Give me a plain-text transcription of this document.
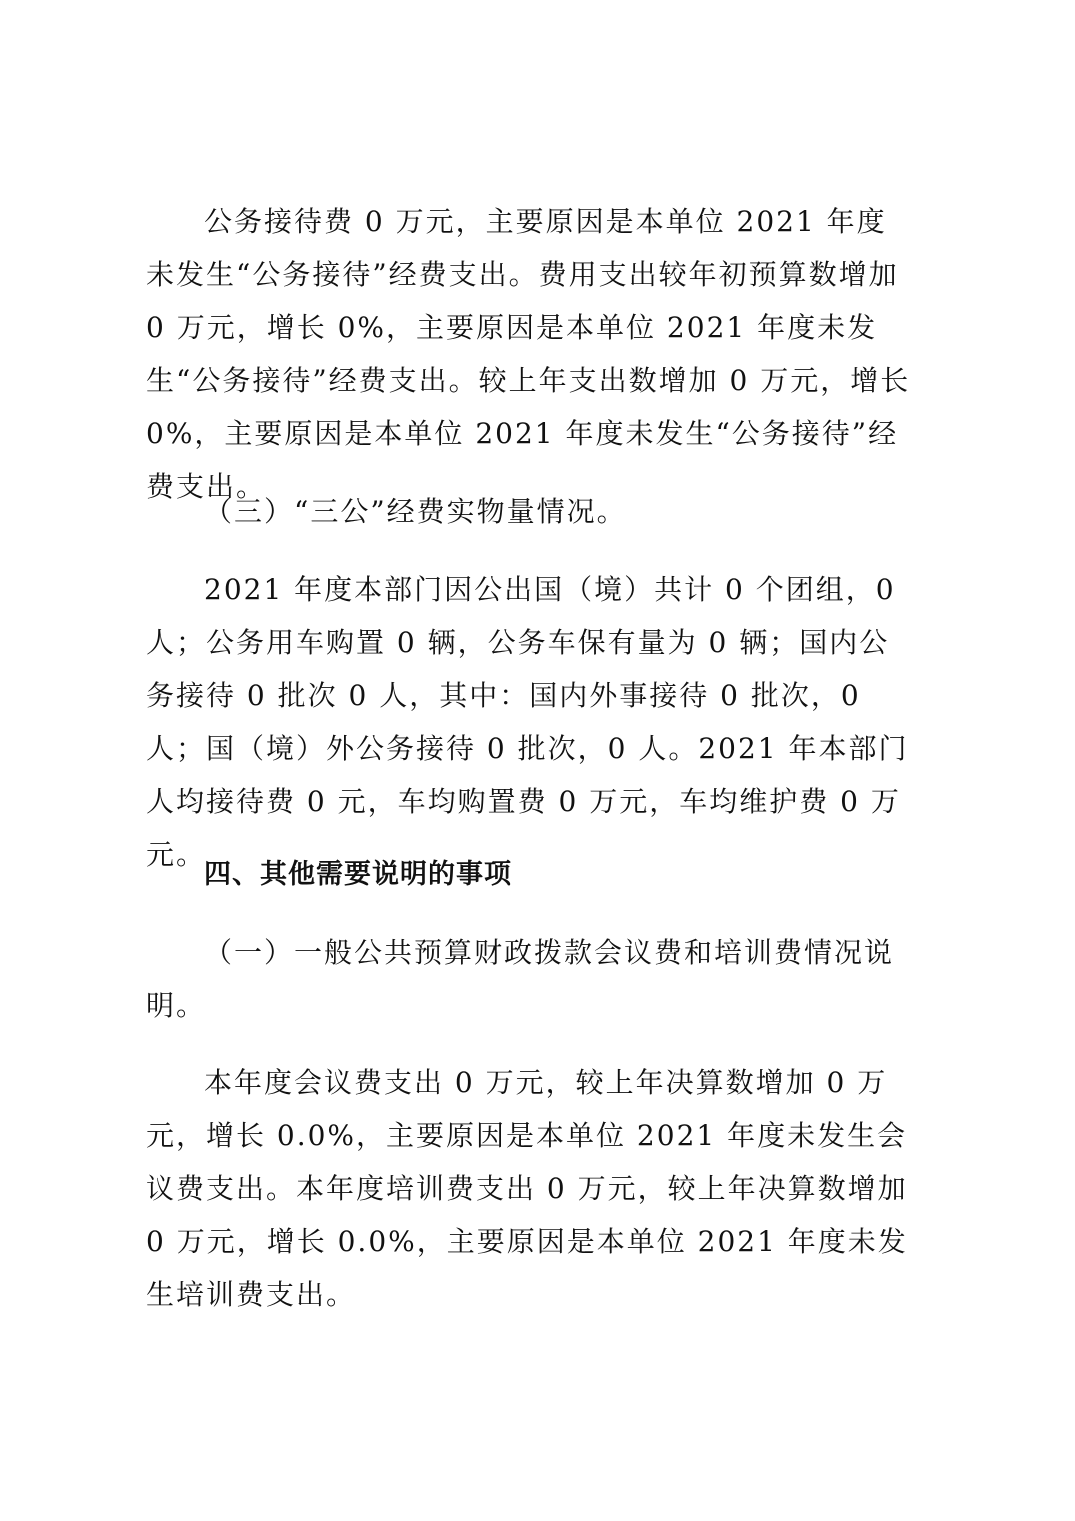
公务接待费 0 万元，主要原因是本单位 2021 年度未发生“公务接待”经费支出。费用支出较年初预算数增加 0 万元，增长 0%，主要原因是本单位 2021 年度未发生“公务接待”经费支出。较上年支出数增加 0 万元，增长 0%，主要原因是本单位 2021 年度未发生“公务接待”经费支出。

（三）“三公”经费实物量情况。

2021 年度本部门因公出国（境）共计 0 个团组，0 人；公务用车购置 0 辆，公务车保有量为 0 辆；国内公务接待 0 批次 0 人，其中：国内外事接待 0 批次，0 人；国（境）外公务接待 0 批次，0 人。2021 年本部门人均接待费 0 元，车均购置费 0 万元，车均维护费 0 万元。

四、其他需要说明的事项

（一）一般公共预算财政拨款会议费和培训费情况说明。

本年度会议费支出 0 万元，较上年决算数增加 0 万元，增长 0.0%，主要原因是本单位 2021 年度未发生会议费支出。本年度培训费支出 0 万元，较上年决算数增加 0 万元，增长 0.0%，主要原因是本单位 2021 年度未发生培训费支出。
